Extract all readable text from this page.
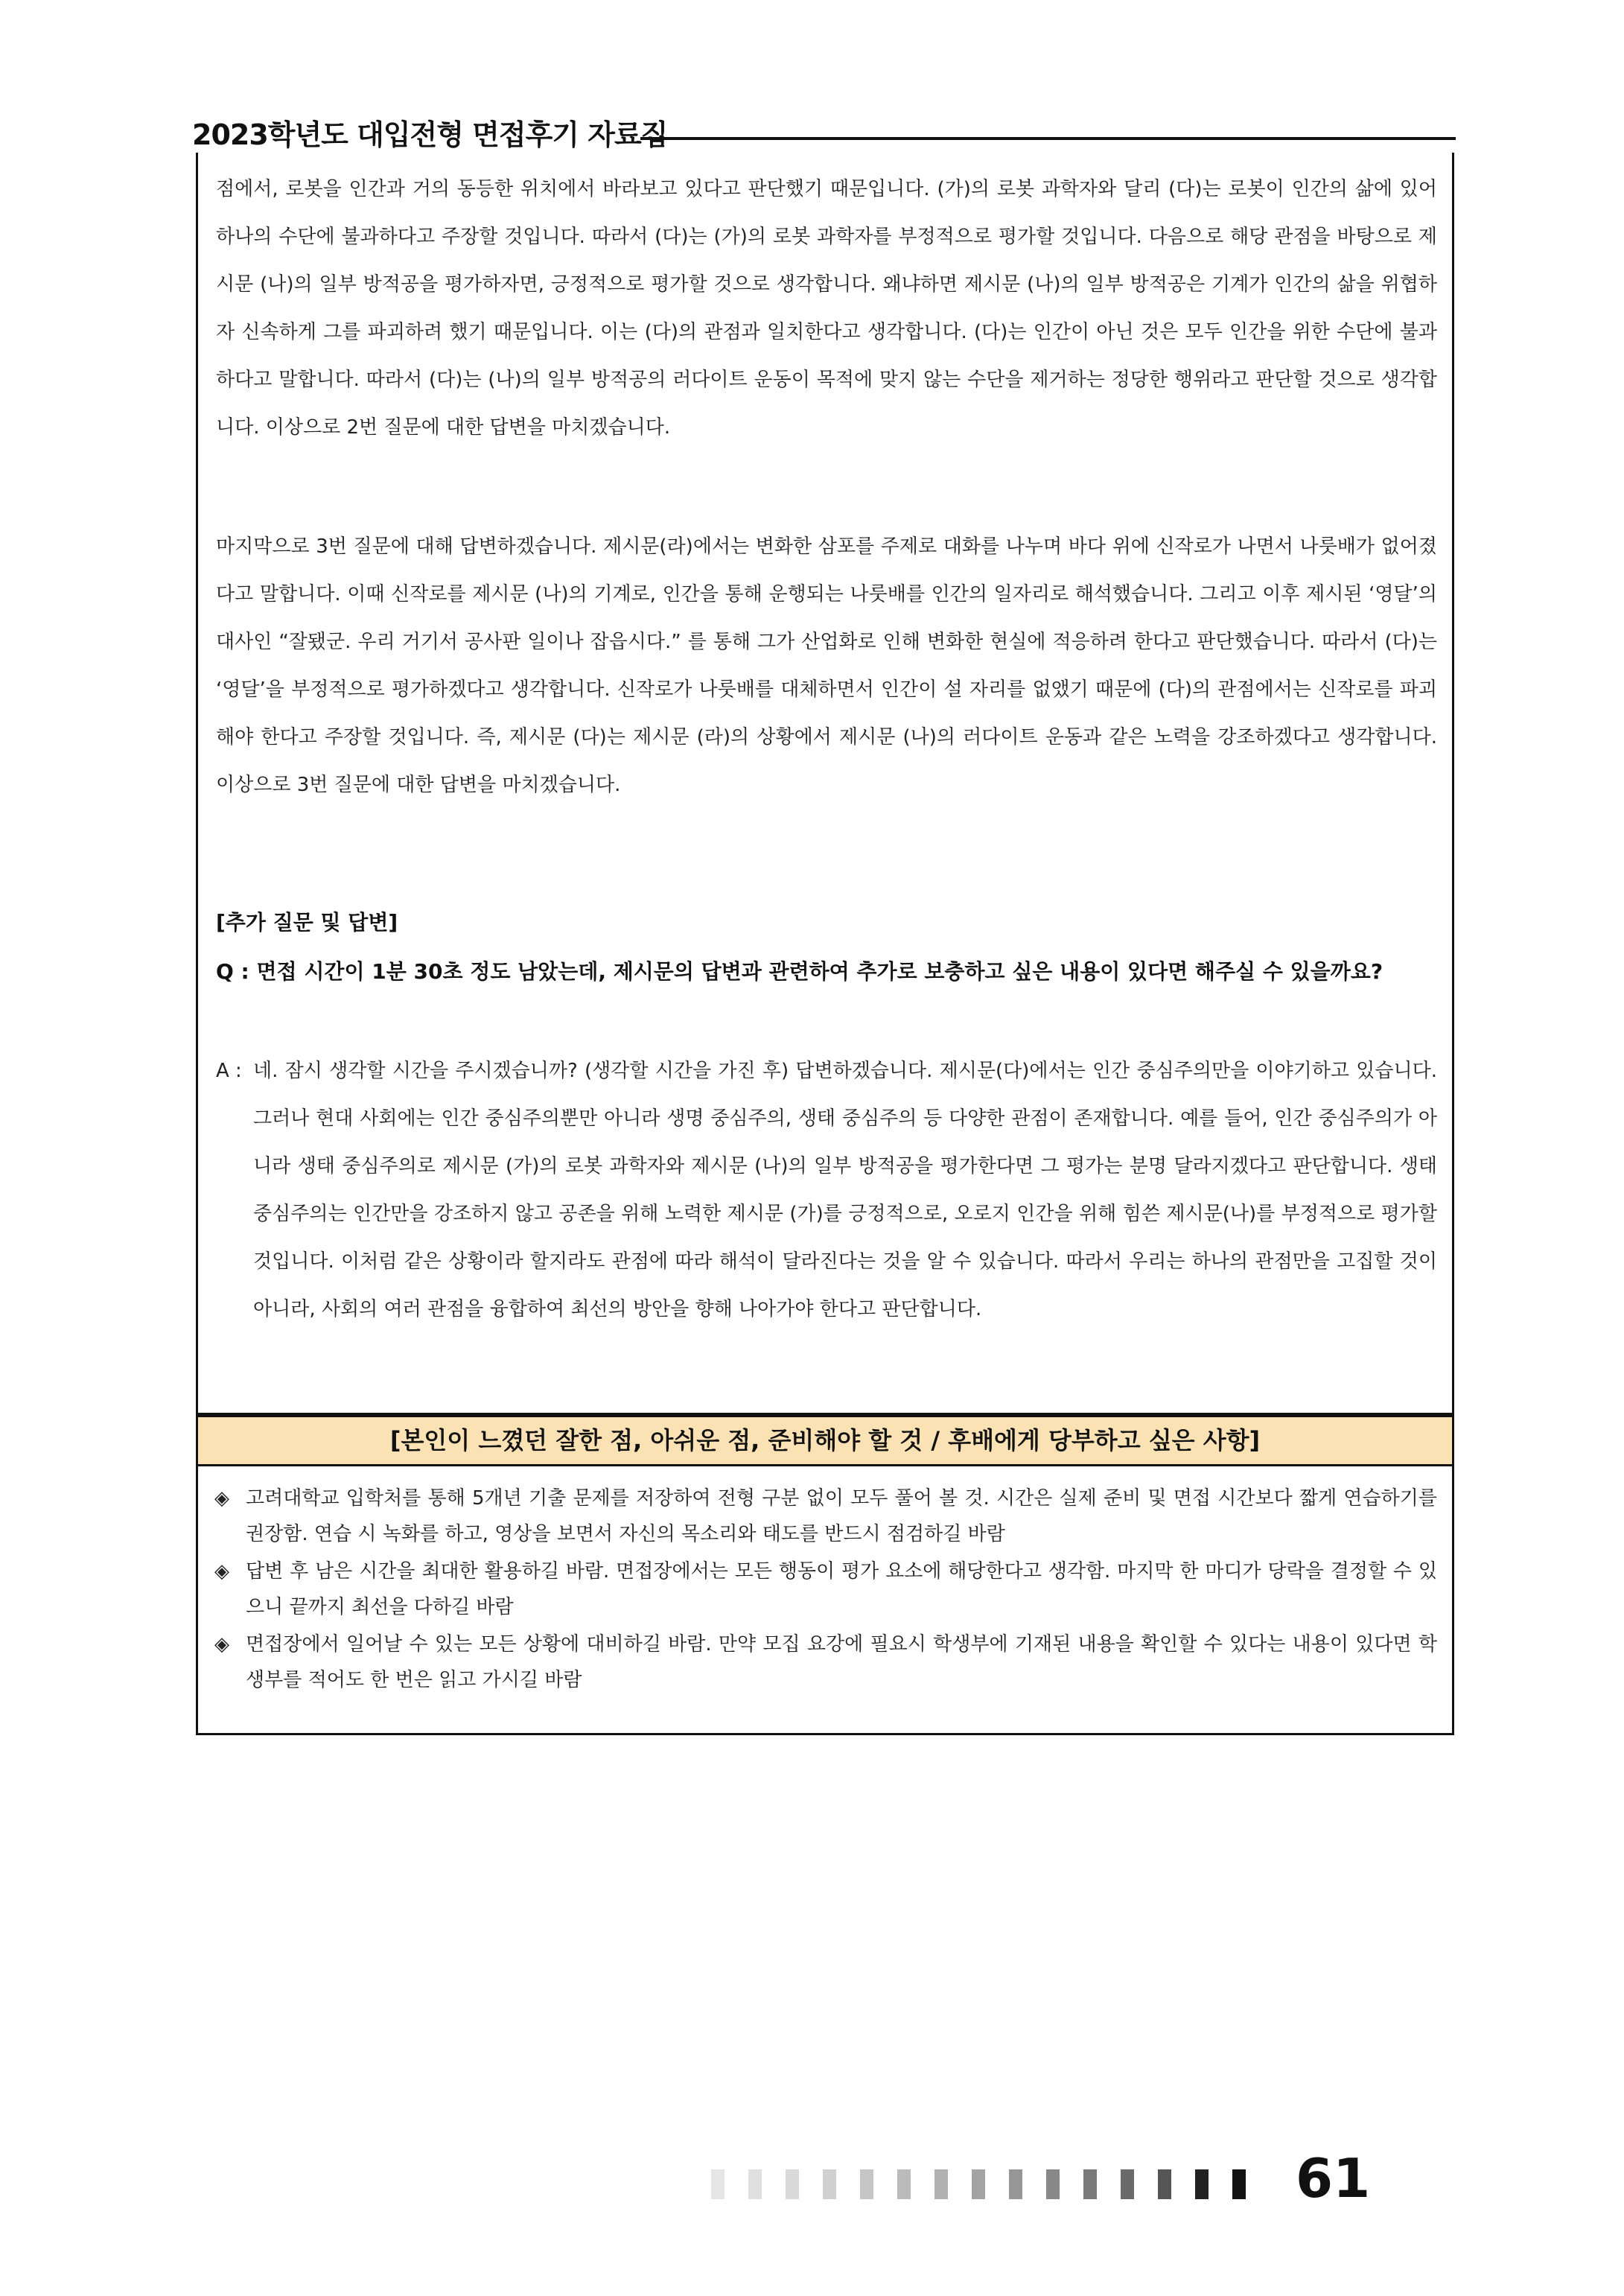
2023학년도 대입전형 면접후기 자료집

점에서, 로봇을 인간과 거의 동등한 위치에서 바라보고 있다고 판단했기 때문입니다. (가)의 로봇 과학자와 달리 (다)는 로봇이 인간의 삶에 있어 하나의 수단에 불과하다고 주장할 것입니다. 따라서 (다)는 (가)의 로봇 과학자를 부정적으로 평가할 것입니다. 다음으로 해당 관점을 바탕으로 제시문 (나)의 일부 방적공을 평가하자면, 긍정적으로 평가할 것으로 생각합니다. 왜냐하면 제시문 (나)의 일부 방적공은 기계가 인간의 삶을 위협하자 신속하게 그를 파괴하려 했기 때문입니다. 이는 (다)의 관점과 일치한다고 생각합니다. (다)는 인간이 아닌 것은 모두 인간을 위한 수단에 불과하다고 말합니다. 따라서 (다)는 (나)의 일부 방적공의 러다이트 운동이 목적에 맞지 않는 수단을 제거하는 정당한 행위라고 판단할 것으로 생각합니다. 이상으로 2번 질문에 대한 답변을 마치겠습니다.

마지막으로 3번 질문에 대해 답변하겠습니다. 제시문(라)에서는 변화한 삼포를 주제로 대화를 나누며 바다 위에 신작로가 나면서 나룻배가 없어졌다고 말합니다. 이때 신작로를 제시문 (나)의 기계로, 인간을 통해 운행되는 나룻배를 인간의 일자리로 해석했습니다. 그리고 이후 제시된 ‘영달’의 대사인 “잘됐군. 우리 거기서 공사판 일이나 잡읍시다.” 를 통해 그가 산업화로 인해 변화한 현실에 적응하려 한다고 판단했습니다. 따라서 (다)는 ‘영달’을 부정적으로 평가하겠다고 생각합니다. 신작로가 나룻배를 대체하면서 인간이 설 자리를 없앴기 때문에 (다)의 관점에서는 신작로를 파괴해야 한다고 주장할 것입니다. 즉, 제시문 (다)는 제시문 (라)의 상황에서 제시문 (나)의 러다이트 운동과 같은 노력을 강조하겠다고 생각합니다. 이상으로 3번 질문에 대한 답변을 마치겠습니다.

[추가 질문 및 답변]
Q : 면접 시간이 1분 30초 정도 남았는데, 제시문의 답변과 관련하여 추가로 보충하고 싶은 내용이 있다면 해주실 수 있을까요?
A : 네. 잠시 생각할 시간을 주시겠습니까? (생각할 시간을 가진 후) 답변하겠습니다. 제시문(다)에서는 인간 중심주의만을 이야기하고 있습니다. 그러나 현대 사회에는 인간 중심주의뿐만 아니라 생명 중심주의, 생태 중심주의 등 다양한 관점이 존재합니다. 예를 들어, 인간 중심주의가 아니라 생태 중심주의로 제시문 (가)의 로봇 과학자와 제시문 (나)의 일부 방적공을 평가한다면 그 평가는 분명 달라지겠다고 판단합니다. 생태 중심주의는 인간만을 강조하지 않고 공존을 위해 노력한 제시문 (가)를 긍정적으로, 오로지 인간을 위해 힘쓴 제시문(나)를 부정적으로 평가할 것입니다. 이처럼 같은 상황이라 할지라도 관점에 따라 해석이 달라진다는 것을 알 수 있습니다. 따라서 우리는 하나의 관점만을 고집할 것이 아니라, 사회의 여러 관점을 융합하여 최선의 방안을 향해 나아가야 한다고 판단합니다.
[본인이 느꼈던 잘한 점, 아쉬운 점, 준비해야 할 것 / 후배에게 당부하고 싶은 사항]
◈ 고려대학교 입학처를 통해 5개년 기출 문제를 저장하여 전형 구분 없이 모두 풀어 볼 것. 시간은 실제 준비 및 면접 시간보다 짧게 연습하기를 권장함. 연습 시 녹화를 하고, 영상을 보면서 자신의 목소리와 태도를 반드시 점검하길 바람
◈ 답변 후 남은 시간을 최대한 활용하길 바람. 면접장에서는 모든 행동이 평가 요소에 해당한다고 생각함. 마지막 한 마디가 당락을 결정할 수 있으니 끝까지 최선을 다하길 바람
◈ 면접장에서 일어날 수 있는 모든 상황에 대비하길 바람. 만약 모집 요강에 필요시 학생부에 기재된 내용을 확인할 수 있다는 내용이 있다면 학생부를 적어도 한 번은 읽고 가시길 바람
61
